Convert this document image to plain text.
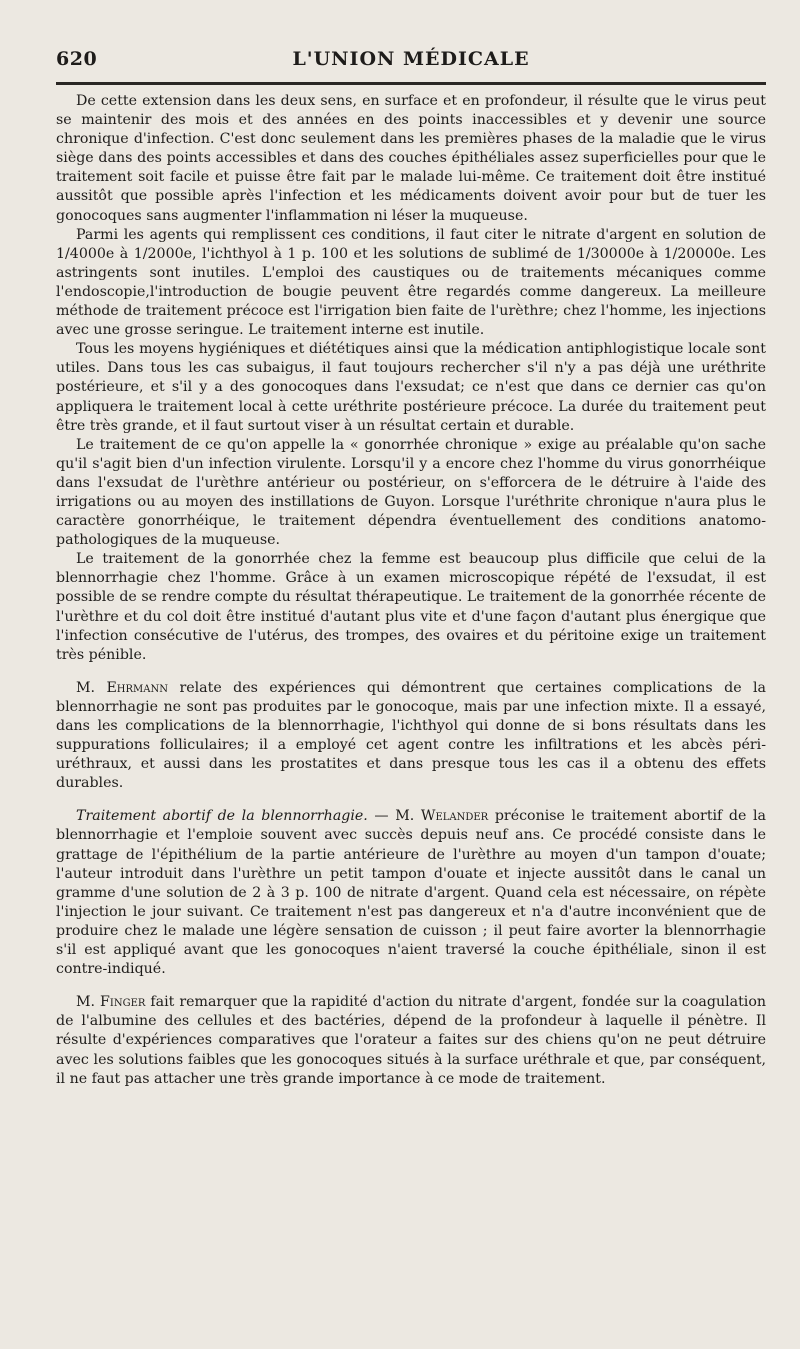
620	L'UNION MÉDICALE

De cette extension dans les deux sens, en surface et en profondeur, il résulte que le virus peut se maintenir des mois et des années en des points inaccessibles et y devenir une source chronique d'infection. C'est donc seulement dans les premières phases de la maladie que le virus siège dans des points accessibles et dans des couches épithéliales assez superficielles pour que le traitement soit facile et puisse être fait par le malade lui-même. Ce traitement doit être institué aussitôt que possible après l'infection et les médicaments doivent avoir pour but de tuer les gonocoques sans augmenter l'inflammation ni léser la muqueuse.

Parmi les agents qui remplissent ces conditions, il faut citer le nitrate d'argent en solution de 1/4000e à 1/2000e, l'ichthyol à 1 p. 100 et les solutions de sublimé de 1/30000e à 1/20000e. Les astringents sont inutiles. L'emploi des caustiques ou de traitements mécaniques comme l'endoscopie,l'introduction de bougie peuvent être regardés comme dangereux. La meilleure méthode de traitement précoce est l'irrigation bien faite de l'urèthre; chez l'homme, les injections avec une grosse seringue. Le traitement interne est inutile.

Tous les moyens hygiéniques et diététiques ainsi que la médication antiphlogistique locale sont utiles. Dans tous les cas subaigus, il faut toujours rechercher s'il n'y a pas déjà une uréthrite postérieure, et s'il y a des gonocoques dans l'exsudat; ce n'est que dans ce dernier cas qu'on appliquera le traitement local à cette uréthrite postérieure précoce. La durée du traitement peut être très grande, et il faut surtout viser à un résultat certain et durable.

Le traitement de ce qu'on appelle la « gonorrhée chronique » exige au préalable qu'on sache qu'il s'agit bien d'un infection virulente. Lorsqu'il y a encore chez l'homme du virus gonorrhéique dans l'exsudat de l'urèthre antérieur ou postérieur, on s'efforcera de le détruire à l'aide des irrigations ou au moyen des instillations de Guyon. Lorsque l'uréthrite chronique n'aura plus le caractère gonorrhéique, le traitement dépendra éventuellement des conditions anatomo-pathologiques de la muqueuse.

Le traitement de la gonorrhée chez la femme est beaucoup plus difficile que celui de la blennorrhagie chez l'homme. Grâce à un examen microscopique répété de l'exsudat, il est possible de se rendre compte du résultat thérapeutique. Le traitement de la gonorrhée récente de l'urèthre et du col doit être institué d'autant plus vite et d'une façon d'autant plus énergique que l'infection consécutive de l'utérus, des trompes, des ovaires et du péritoine exige un traitement très pénible.

M. Ehrmann relate des expériences qui démontrent que certaines complications de la blennorrhagie ne sont pas produites par le gonocoque, mais par une infection mixte. Il a essayé, dans les complications de la blennorrhagie, l'ichthyol qui donne de si bons résultats dans les suppurations folliculaires; il a employé cet agent contre les infiltrations et les abcès péri-uréthraux, et aussi dans les prostatites et dans presque tous les cas il a obtenu des effets durables.

Traitement abortif de la blennorrhagie. — M. Welander préconise le traitement abortif de la blennorrhagie et l'emploie souvent avec succès depuis neuf ans. Ce procédé consiste dans le grattage de l'épithélium de la partie antérieure de l'urèthre au moyen d'un tampon d'ouate; l'auteur introduit dans l'urèthre un petit tampon d'ouate et injecte aussitôt dans le canal un gramme d'une solution de 2 à 3 p. 100 de nitrate d'argent. Quand cela est nécessaire, on répète l'injection le jour suivant. Ce traitement n'est pas dangereux et n'a d'autre inconvénient que de produire chez le malade une légère sensation de cuisson ; il peut faire avorter la blennorrhagie s'il est appliqué avant que les gonocoques n'aient traversé la couche épithéliale, sinon il est contre-indiqué.

M. Finger fait remarquer que la rapidité d'action du nitrate d'argent, fondée sur la coagulation de l'albumine des cellules et des bactéries, dépend de la profondeur à laquelle il pénètre. Il résulte d'expériences comparatives que l'orateur a faites sur des chiens qu'on ne peut détruire avec les solutions faibles que les gonocoques situés à la surface uréthrale et que, par conséquent, il ne faut pas attacher une très grande importance à ce mode de traitement.
